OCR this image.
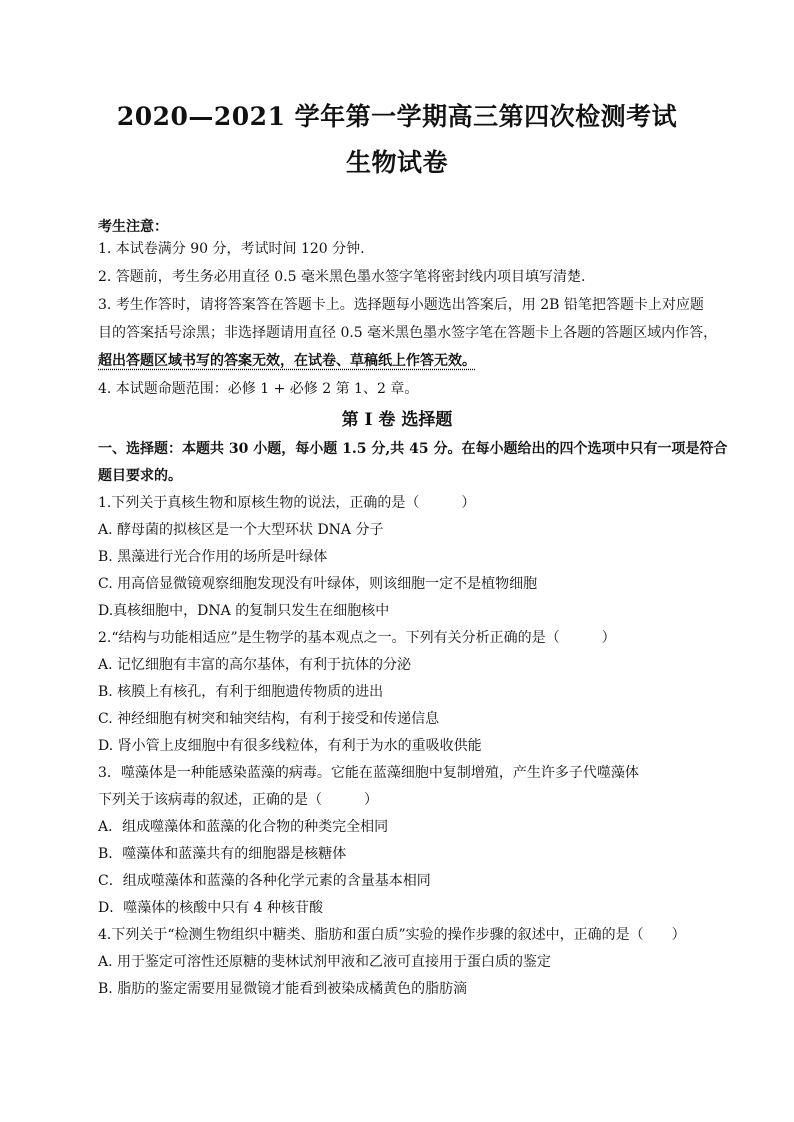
2020—2021 学年第一学期高三第四次检测考试
生物试卷
考生注意：
1. 本试卷满分 90 分，考试时间 120 分钟.
2. 答题前，考生务必用直径 0.5 毫米黑色墨水签字笔将密封线内项目填写清楚.
3. 考生作答时，请将答案答在答题卡上。选择题每小题选出答案后，用 2B 铅笔把答题卡上对应题
目的答案括号涂黑；非选择题请用直径 0.5 毫米黑色墨水签字笔在答题卡上各题的答题区域内作答，
超出答题区域书写的答案无效，在试卷、草稿纸上作答无效。
4. 本试题命题范围：必修 1 + 必修 2 第 1、2 章。
第 I 卷 选择题
一、选择题：本题共 30 小题，每小题 1.5 分,共 45 分。在每小题给出的四个选项中只有一项是符合
题目要求的。
1.下列关于真核生物和原核生物的说法，正确的是（　　　）
A. 酵母菌的拟核区是一个大型环状 DNA 分子
B. 黑藻进行光合作用的场所是叶绿体
C. 用高倍显微镜观察细胞发现没有叶绿体，则该细胞一定不是植物细胞
D.真核细胞中，DNA 的复制只发生在细胞核中
2.“结构与功能相适应”是生物学的基本观点之一。下列有关分析正确的是（　　　）
A. 记忆细胞有丰富的高尔基体，有利于抗体的分泌
B. 核膜上有核孔，有利于细胞遗传物质的进出
C. 神经细胞有树突和轴突结构，有利于接受和传递信息
D. 肾小管上皮细胞中有很多线粒体，有利于为水的重吸收供能
3．噬藻体是一种能感染蓝藻的病毒。它能在蓝藻细胞中复制增殖，产生许多子代噬藻体
下列关于该病毒的叙述，正确的是（　　　）
A．组成噬藻体和蓝藻的化合物的种类完全相同
B．噬藻体和蓝藻共有的细胞器是核糖体
C．组成噬藻体和蓝藻的各种化学元素的含量基本相同
D．噬藻体的核酸中只有 4 种核苷酸
4.下列关于“检测生物组织中糖类、脂肪和蛋白质”实验的操作步骤的叙述中，正确的是（　　）
A. 用于鉴定可溶性还原糖的斐林试剂甲液和乙液可直接用于蛋白质的鉴定
B. 脂肪的鉴定需要用显微镜才能看到被染成橘黄色的脂肪滴
